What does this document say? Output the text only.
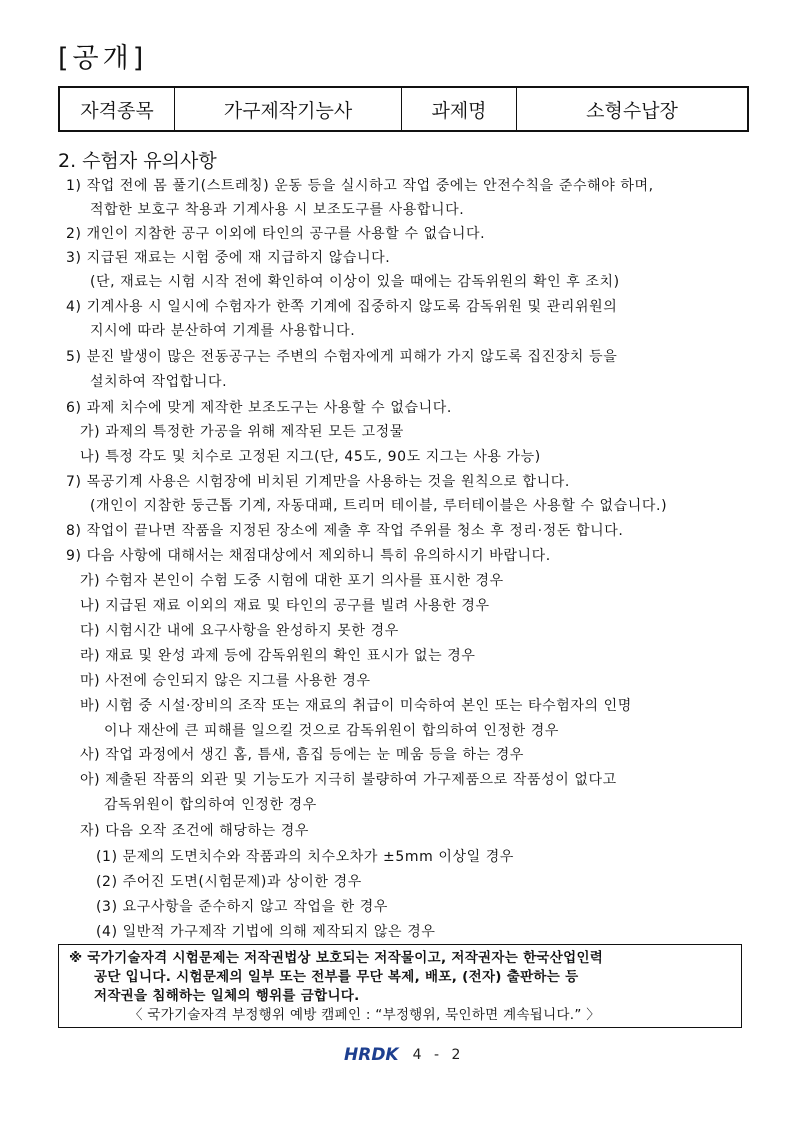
[공개]
자격종목	가구제작기능사	과제명	소형수납장
2. 수험자 유의사항
1) 작업 전에 몸 풀기(스트레칭) 운동 등을 실시하고 작업 중에는 안전수칙을 준수해야 하며,
적합한 보호구 착용과 기계사용 시 보조도구를 사용합니다.
2) 개인이 지참한 공구 이외에 타인의 공구를 사용할 수 없습니다.
3) 지급된 재료는 시험 중에 재 지급하지 않습니다.
(단, 재료는 시험 시작 전에 확인하여 이상이 있을 때에는 감독위원의 확인 후 조치)
4) 기계사용 시 일시에 수험자가 한쪽 기계에 집중하지 않도록 감독위원 및 관리위원의
지시에 따라 분산하여 기계를 사용합니다.
5) 분진 발생이 많은 전동공구는 주변의 수험자에게 피해가 가지 않도록 집진장치 등을
설치하여 작업합니다.
6) 과제 치수에 맞게 제작한 보조도구는 사용할 수 없습니다.
가) 과제의 특정한 가공을 위해 제작된 모든 고정물
나) 특정 각도 및 치수로 고정된 지그(단, 45도, 90도 지그는 사용 가능)
7) 목공기계 사용은 시험장에 비치된 기계만을 사용하는 것을 원칙으로 합니다.
(개인이 지참한 둥근톱 기계, 자동대패, 트리머 테이블, 루터테이블은 사용할 수 없습니다.)
8) 작업이 끝나면 작품을 지정된 장소에 제출 후 작업 주위를 청소 후 정리·정돈 합니다.
9) 다음 사항에 대해서는 채점대상에서 제외하니 특히 유의하시기 바랍니다.
가) 수험자 본인이 수험 도중 시험에 대한 포기 의사를 표시한 경우
나) 지급된 재료 이외의 재료 및 타인의 공구를 빌려 사용한 경우
다) 시험시간 내에 요구사항을 완성하지 못한 경우
라) 재료 및 완성 과제 등에 감독위원의 확인 표시가 없는 경우
마) 사전에 승인되지 않은 지그를 사용한 경우
바) 시험 중 시설·장비의 조작 또는 재료의 취급이 미숙하여 본인 또는 타수험자의 인명
이나 재산에 큰 피해를 일으킬 것으로 감독위원이 합의하여 인정한 경우
사) 작업 과정에서 생긴 홈, 틈새, 흠집 등에는 눈 메움 등을 하는 경우
아) 제출된 작품의 외관 및 기능도가 지극히 불량하여 가구제품으로 작품성이 없다고
감독위원이 합의하여 인정한 경우
자) 다음 오작 조건에 해당하는 경우
(1) 문제의 도면치수와 작품과의 치수오차가 ±5mm 이상일 경우
(2) 주어진 도면(시험문제)과 상이한 경우
(3) 요구사항을 준수하지 않고 작업을 한 경우
(4) 일반적 가구제작 기법에 의해 제작되지 않은 경우
※ 국가기술자격 시험문제는 저작권법상 보호되는 저작물이고, 저작권자는 한국산업인력
공단 입니다. 시험문제의 일부 또는 전부를 무단 복제, 배포, (전자) 출판하는 등
저작권을 침해하는 일체의 행위를 금합니다.
〈 국가기술자격 부정행위 예방 캠페인 : “부정행위, 묵인하면 계속됩니다.” 〉
HRDK 4 - 2
